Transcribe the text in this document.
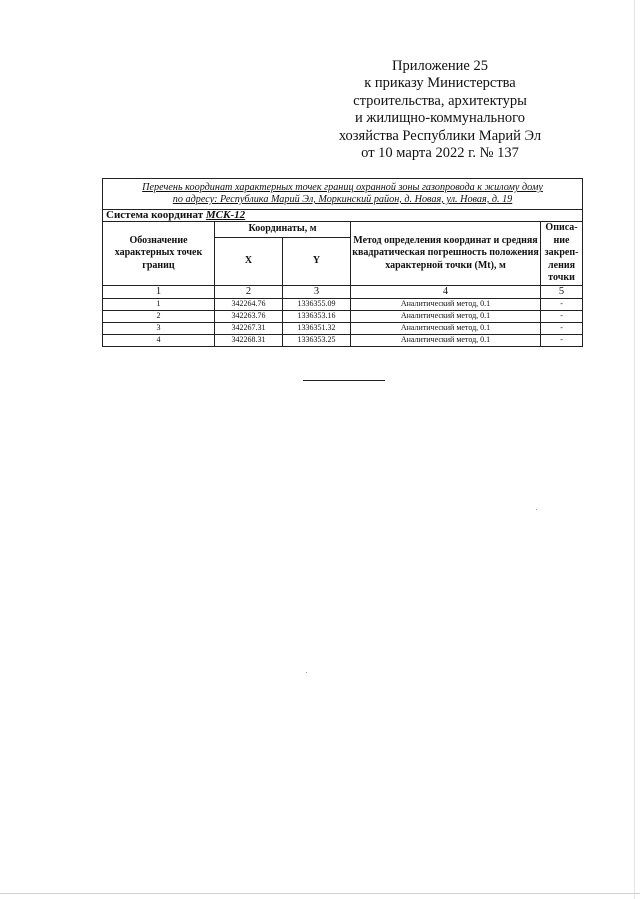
Приложение 25
к приказу Министерства
строительства, архитектуры
и жилищно-коммунального
хозяйства Республики Марий Эл
от 10 марта 2022 г. № 137
Перечень координат характерных точек границ охранной зоны газопровода к жилому дому
по адресу: Республика Марий Эл, Моркинский район, д. Новая, ул. Новая, д. 19				
Система координат МСК-12				
Обозначение характерных точек границ	Координаты, м		Метод определения координат и средняя квадратическая погрешность положения характерной точки (Mt), м	Описа-ние закреп-ления точки
	X	Y		
1	2	3	4	5
1	342264.76	1336355.09	Аналитический метод, 0.1	-
2	342263.76	1336353.16	Аналитический метод, 0.1	-
3	342267.31	1336351.32	Аналитический метод, 0.1	-
4	342268.31	1336353.25	Аналитический метод, 0.1	-
